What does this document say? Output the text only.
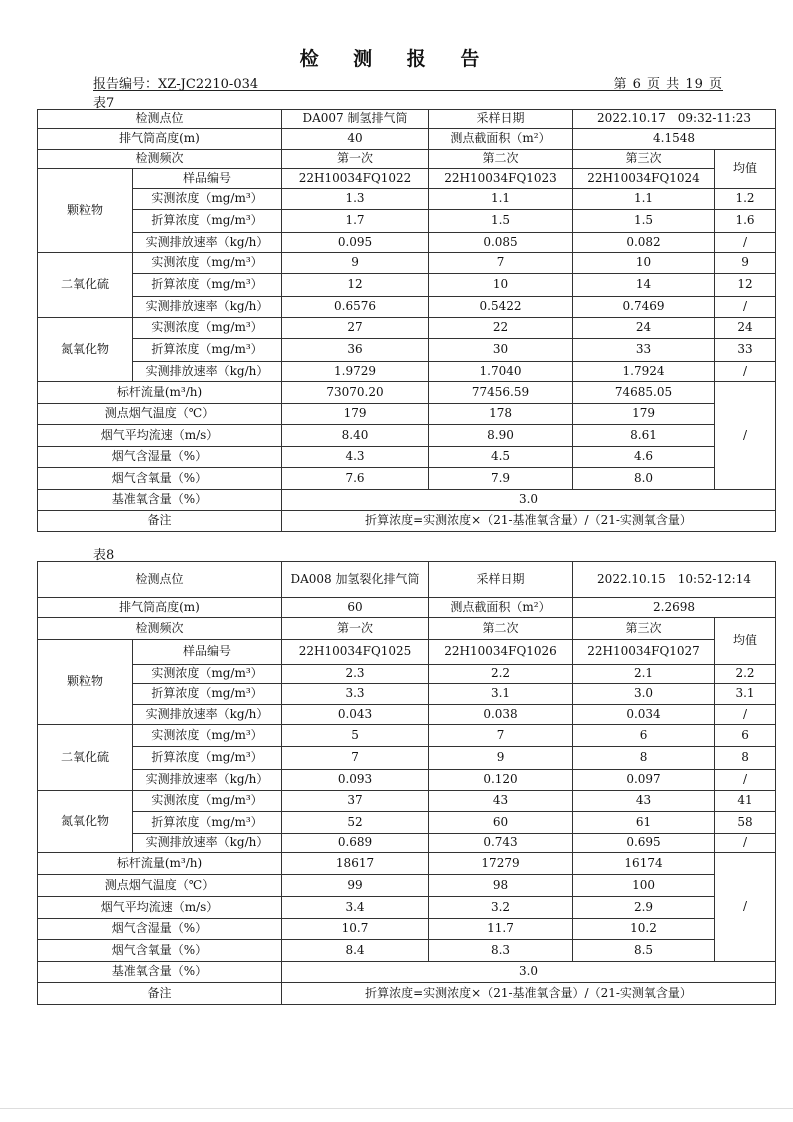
检 测 报 告
报告编号：XZ-JC2210-034	第 6 页 共 19 页
表7
检测点位		DA007 制氢排气筒	采样日期	2022.10.17　09:32-11:23	
排气筒高度(m)		40	测点截面积（m²）	4.1548	
检测频次		第一次	第二次	第三次	均值
颗粒物	样品编号	22H10034FQ1022	22H10034FQ1023	22H10034FQ1024	
	实测浓度（mg/m³）	1.3	1.1	1.1	1.2
	折算浓度（mg/m³）	1.7	1.5	1.5	1.6
	实测排放速率（kg/h）	0.095	0.085	0.082	/
二氧化硫	实测浓度（mg/m³）	9	7	10	9
	折算浓度（mg/m³）	12	10	14	12
	实测排放速率（kg/h）	0.6576	0.5422	0.7469	/
氮氧化物	实测浓度（mg/m³）	27	22	24	24
	折算浓度（mg/m³）	36	30	33	33
	实测排放速率（kg/h）	1.9729	1.7040	1.7924	/
标杆流量(m³/h)		73070.20	77456.59	74685.05	/
测点烟气温度（℃）		179	178	179	
烟气平均流速（m/s）		8.40	8.90	8.61	
烟气含湿量（%）		4.3	4.5	4.6	
烟气含氧量（%）		7.6	7.9	8.0	
基准氧含量（%）		3.0			
备注		折算浓度=实测浓度×（21-基准氧含量）/（21-实测氧含量）			
表8
检测点位		DA008 加氢裂化排气筒	采样日期	2022.10.15　10:52-12:14	
排气筒高度(m)		60	测点截面积（m²）	2.2698	
检测频次		第一次	第二次	第三次	均值
颗粒物	样品编号	22H10034FQ1025	22H10034FQ1026	22H10034FQ1027	
	实测浓度（mg/m³）	2.3	2.2	2.1	2.2
	折算浓度（mg/m³）	3.3	3.1	3.0	3.1
	实测排放速率（kg/h）	0.043	0.038	0.034	/
二氧化硫	实测浓度（mg/m³）	5	7	6	6
	折算浓度（mg/m³）	7	9	8	8
	实测排放速率（kg/h）	0.093	0.120	0.097	/
氮氧化物	实测浓度（mg/m³）	37	43	43	41
	折算浓度（mg/m³）	52	60	61	58
	实测排放速率（kg/h）	0.689	0.743	0.695	/
标杆流量(m³/h)		18617	17279	16174	/
测点烟气温度（℃）		99	98	100	
烟气平均流速（m/s）		3.4	3.2	2.9	
烟气含湿量（%）		10.7	11.7	10.2	
烟气含氧量（%）		8.4	8.3	8.5	
基准氧含量（%）		3.0			
备注		折算浓度=实测浓度×（21-基准氧含量）/（21-实测氧含量）			
